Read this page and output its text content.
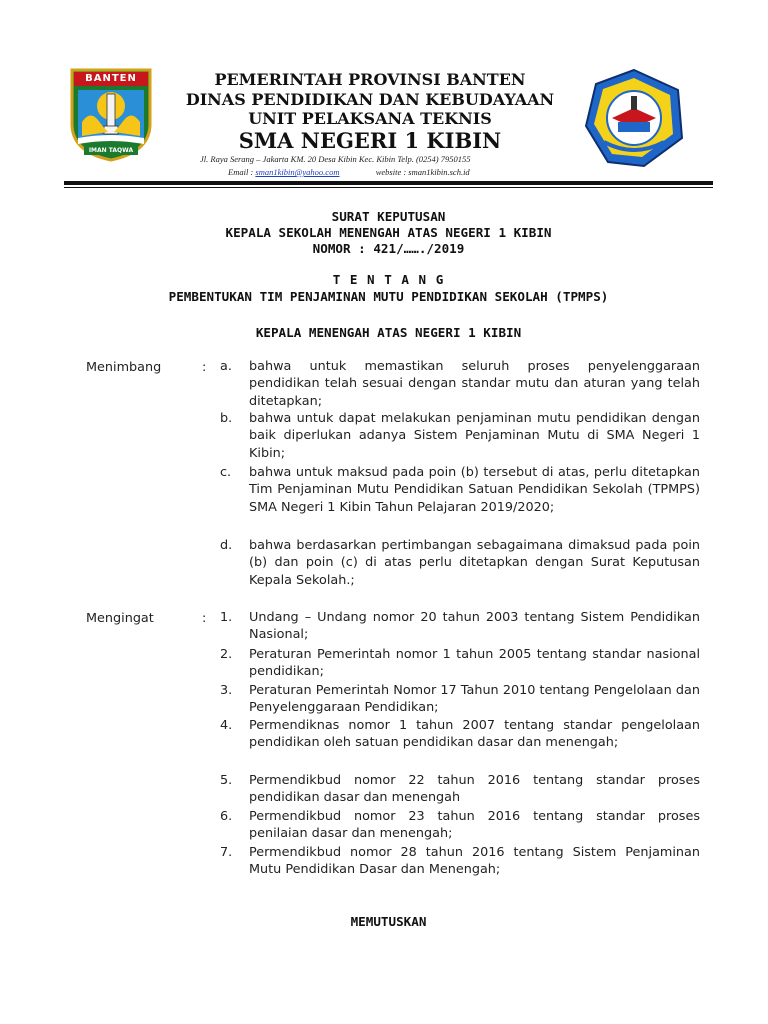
BANTEN
IMAN TAQWA
PEMERINTAH PROVINSI BANTEN
DINAS PENDIDIKAN DAN KEBUDAYAAN
UNIT PELAKSANA TEKNIS
SMA NEGERI 1 KIBIN
Jl. Raya Serang – Jakarta KM. 20 Desa Kibin Kec. Kibin Telp. (0254) 7950155
Email : sman1kibin@yahoo.com	website : sman1kibin.sch.id
SURAT KEPUTUSAN
KEPALA SEKOLAH MENENGAH ATAS NEGERI 1 KIBIN
NOMOR : 421/……./2019
T E N T A N G
PEMBENTUKAN TIM PENJAMINAN MUTU PENDIDIKAN SEKOLAH (TPMPS)
KEPALA MENENGAH ATAS NEGERI 1 KIBIN
Menimbang	: a. bahwa untuk memastikan seluruh proses penyelenggaraan pendidikan telah sesuai dengan standar mutu dan aturan yang telah ditetapkan;
b. bahwa untuk dapat melakukan penjaminan mutu pendidikan dengan baik diperlukan adanya Sistem Penjaminan Mutu di SMA Negeri 1 Kibin;
c. bahwa untuk maksud pada poin (b) tersebut di atas, perlu ditetapkan Tim Penjaminan Mutu Pendidikan Satuan Pendidikan Sekolah (TPMPS) SMA Negeri 1 Kibin Tahun Pelajaran 2019/2020;
d. bahwa berdasarkan pertimbangan sebagaimana dimaksud pada poin (b) dan poin (c) di atas perlu ditetapkan dengan Surat Keputusan Kepala Sekolah.;
Mengingat	: 1. Undang – Undang nomor 20 tahun 2003 tentang Sistem Pendidikan Nasional;
2. Peraturan Pemerintah nomor 1 tahun 2005 tentang standar nasional pendidikan;
3. Peraturan Pemerintah Nomor 17 Tahun 2010 tentang Pengelolaan dan Penyelenggaraan Pendidikan;
4. Permendiknas nomor 1 tahun 2007 tentang standar pengelolaan pendidikan oleh satuan pendidikan dasar dan menengah;
5. Permendikbud nomor 22 tahun 2016 tentang standar proses pendidikan dasar dan menengah
6. Permendikbud nomor 23 tahun 2016 tentang standar proses penilaian dasar dan menengah;
7. Permendikbud nomor 28 tahun 2016 tentang Sistem Penjaminan Mutu Pendidikan Dasar dan Menengah;
MEMUTUSKAN
